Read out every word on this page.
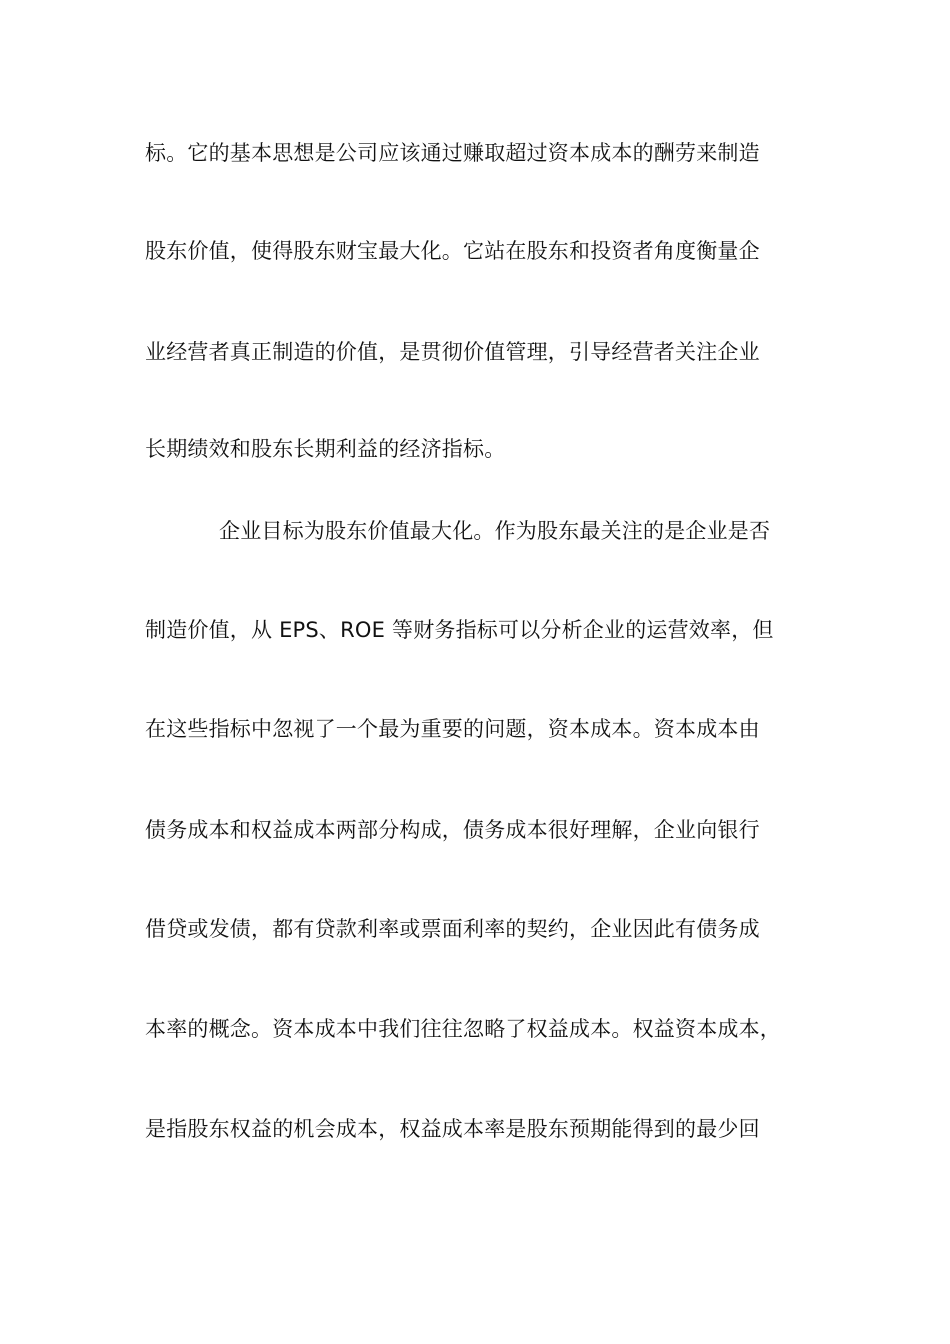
标。它的基本思想是公司应该通过赚取超过资本成本的酬劳来制造
股东价值，使得股东财宝最大化。它站在股东和投资者角度衡量企
业经营者真正制造的价值，是贯彻价值管理，引导经营者关注企业
长期绩效和股东长期利益的经济指标。
企业目标为股东价值最大化。作为股东最关注的是企业是否
制造价值，从 EPS、ROE 等财务指标可以分析企业的运营效率，但
在这些指标中忽视了一个最为重要的问题，资本成本。资本成本由
债务成本和权益成本两部分构成，债务成本很好理解，企业向银行
借贷或发债，都有贷款利率或票面利率的契约，企业因此有债务成
本率的概念。资本成本中我们往往忽略了权益成本。权益资本成本，
是指股东权益的机会成本，权益成本率是股东预期能得到的最少回
